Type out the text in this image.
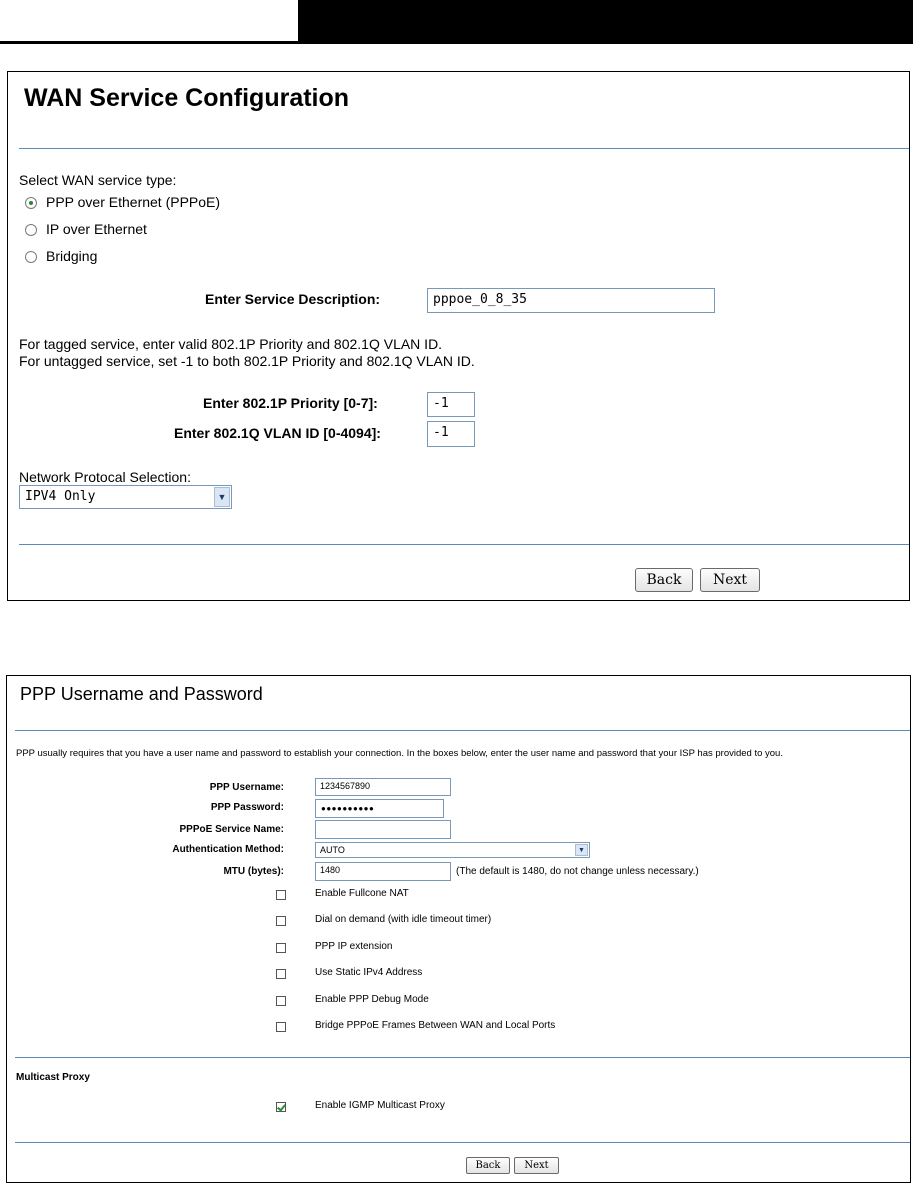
WAN Service Configuration
Select WAN service type:
PPP over Ethernet (PPPoE)
IP over Ethernet
Bridging
Enter Service Description:	pppoe_0_8_35
For tagged service, enter valid 802.1P Priority and 802.1Q VLAN ID.
For untagged service, set -1 to both 802.1P Priority and 802.1Q VLAN ID.
Enter 802.1P Priority [0-7]:	-1
Enter 802.1Q VLAN ID [0-4094]:	-1
Network Protocal Selection:
IPV4 Only	▼
Back	Next
PPP Username and Password
PPP usually requires that you have a user name and password to establish your connection. In the boxes below, enter the user name and password that your ISP has provided to you.
PPP Username:	1234567890
PPP Password:	●●●●●●●●●●
PPPoE Service Name:
Authentication Method:	AUTO	▼
MTU (bytes):	1480	(The default is 1480, do not change unless necessary.)
Enable Fullcone NAT
Dial on demand (with idle timeout timer)
PPP IP extension
Use Static IPv4 Address
Enable PPP Debug Mode
Bridge PPPoE Frames Between WAN and Local Ports
Multicast Proxy
Enable IGMP Multicast Proxy
Back	Next
